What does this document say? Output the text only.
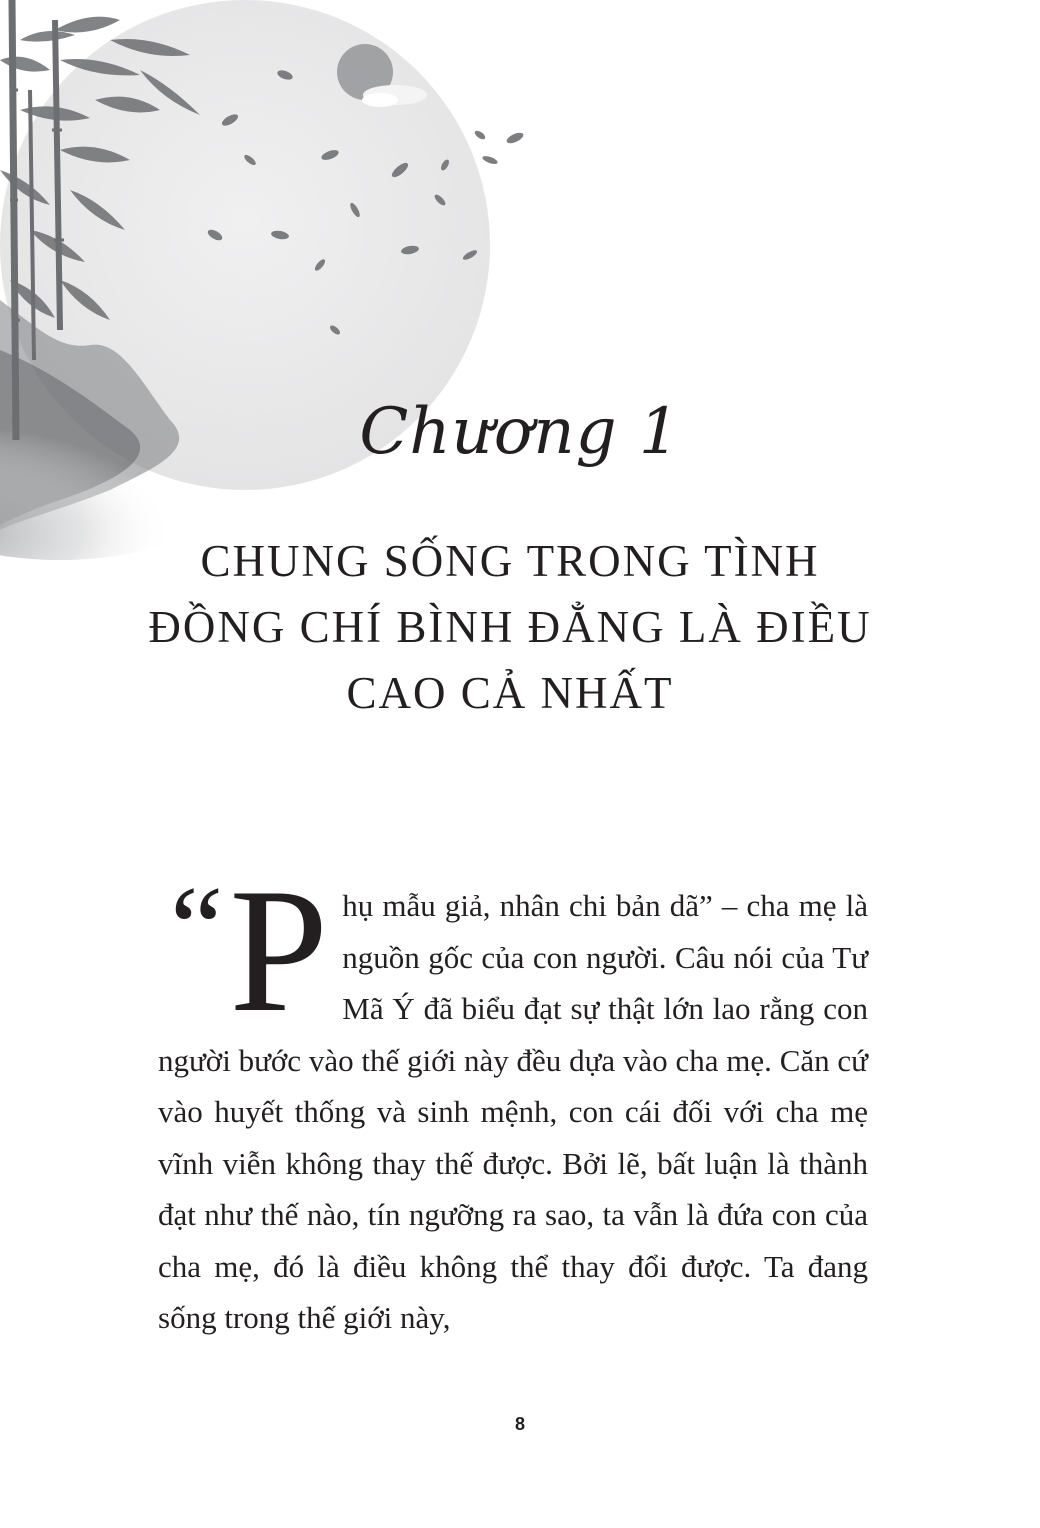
Chương 1
CHUNG SỐNG TRONG TÌNH
ĐỒNG CHÍ BÌNH ĐẲNG LÀ ĐIỀU
CAO CẢ NHẤT
“ P hụ mẫu giả, nhân chi bản dã” – cha mẹ là nguồn gốc của con người. Câu nói của Tư Mã Ý đã biểu đạt sự thật lớn lao rằng con người bước vào thế giới này đều dựa vào cha mẹ. Căn cứ vào huyết thống và sinh mệnh, con cái đối với cha mẹ vĩnh viễn không thay thế được. Bởi lẽ, bất luận là thành đạt như thế nào, tín ngưỡng ra sao, ta vẫn là đứa con của cha mẹ, đó là điều không thể thay đổi được. Ta đang sống trong thế giới này,
8
